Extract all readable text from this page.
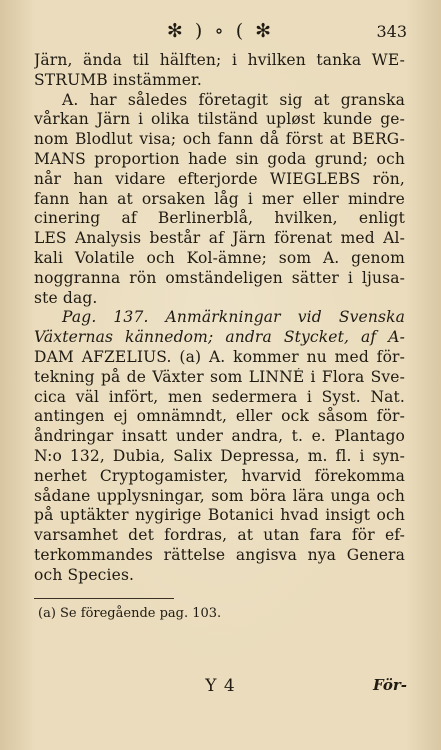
✻ ) ∘ ( ✻	343
Järn, ända til hälften; i hvilken tanka WE-
STRUMB instämmer.
A. har således företagit sig at granska
vårkan Järn i olika tilständ upløst kunde ge-
nom Blodlut visa; och fann då först at BERG-
MANS proportion hade sin goda grund; och
når han vidare efterjorde WIEGLEBS rön,
fann han at orsaken låg i mer eller mindre
cinering af Berlinerblå, hvilken, enligt
LES Analysis består af Järn förenat med Al-
kali Volatile och Kol-ämne; som A. genom
noggranna rön omständeligen sätter i ljusa-
ste dag.
Pag. 137. Anmärkningar vid Svenska
Växternas kännedom; andra Stycket, af A-
DAM AFZELIUS. (a) A. kommer nu med för-
tekning på de Växter som LINNÉ i Flora Sve-
cica väl infört, men sedermera i Syst. Nat.
antingen ej omnämndt, eller ock såsom för-
åndringar insatt under andra, t. e. Plantago
N:o 132, Dubia, Salix Depressa, m. fl. i syn-
nerhet Cryptogamister, hvarvid förekomma
sådane upplysningar, som böra lära unga och
på uptäkter nygirige Botanici hvad insigt och
varsamhet det fordras, at utan fara för ef-
terkommandes rättelse angisva nya Genera
och Species.
(a) Se föregående pag. 103.
Y 4	För-
